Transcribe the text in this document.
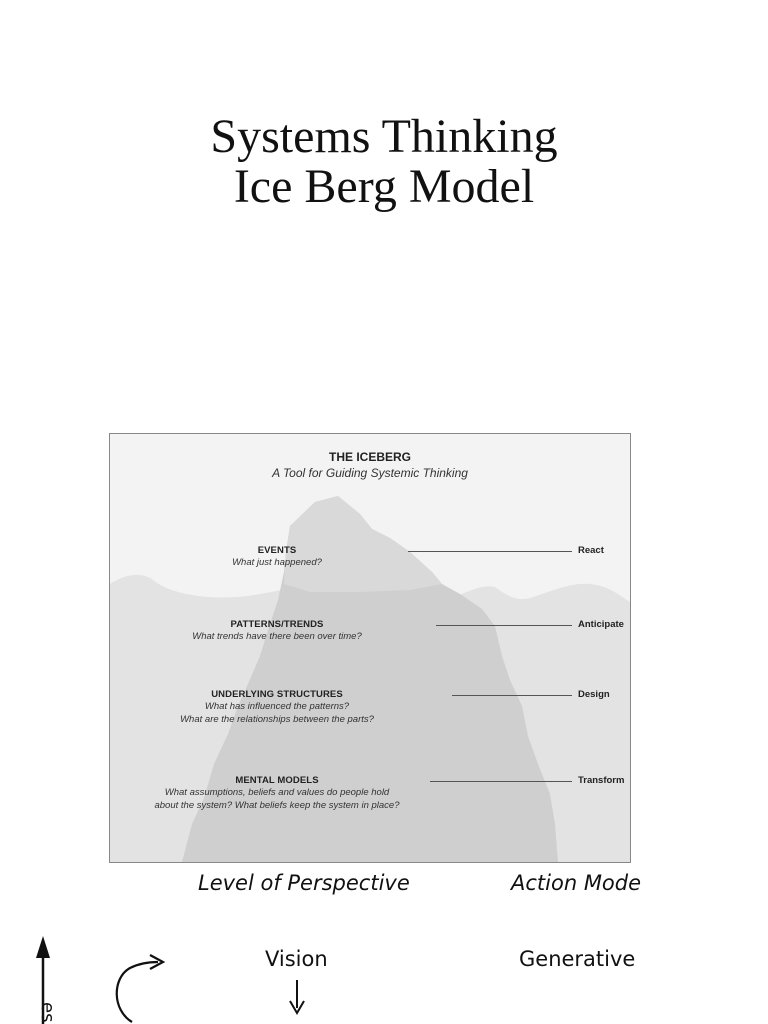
Systems Thinking
Ice Berg Model
THE ICEBERG
A Tool for Guiding Systemic Thinking
EVENTS
What just happened?
React
PATTERNS/TRENDS
What trends have there been over time?
Anticipate
UNDERLYING STRUCTURES
What has influenced the patterns?
What are the relationships between the parts?
Design
MENTAL MODELS
What assumptions, beliefs and values do people hold
about the system? What beliefs keep the system in place?
Transform
Level of Perspective	Action Mode
Vision	Generative
es
